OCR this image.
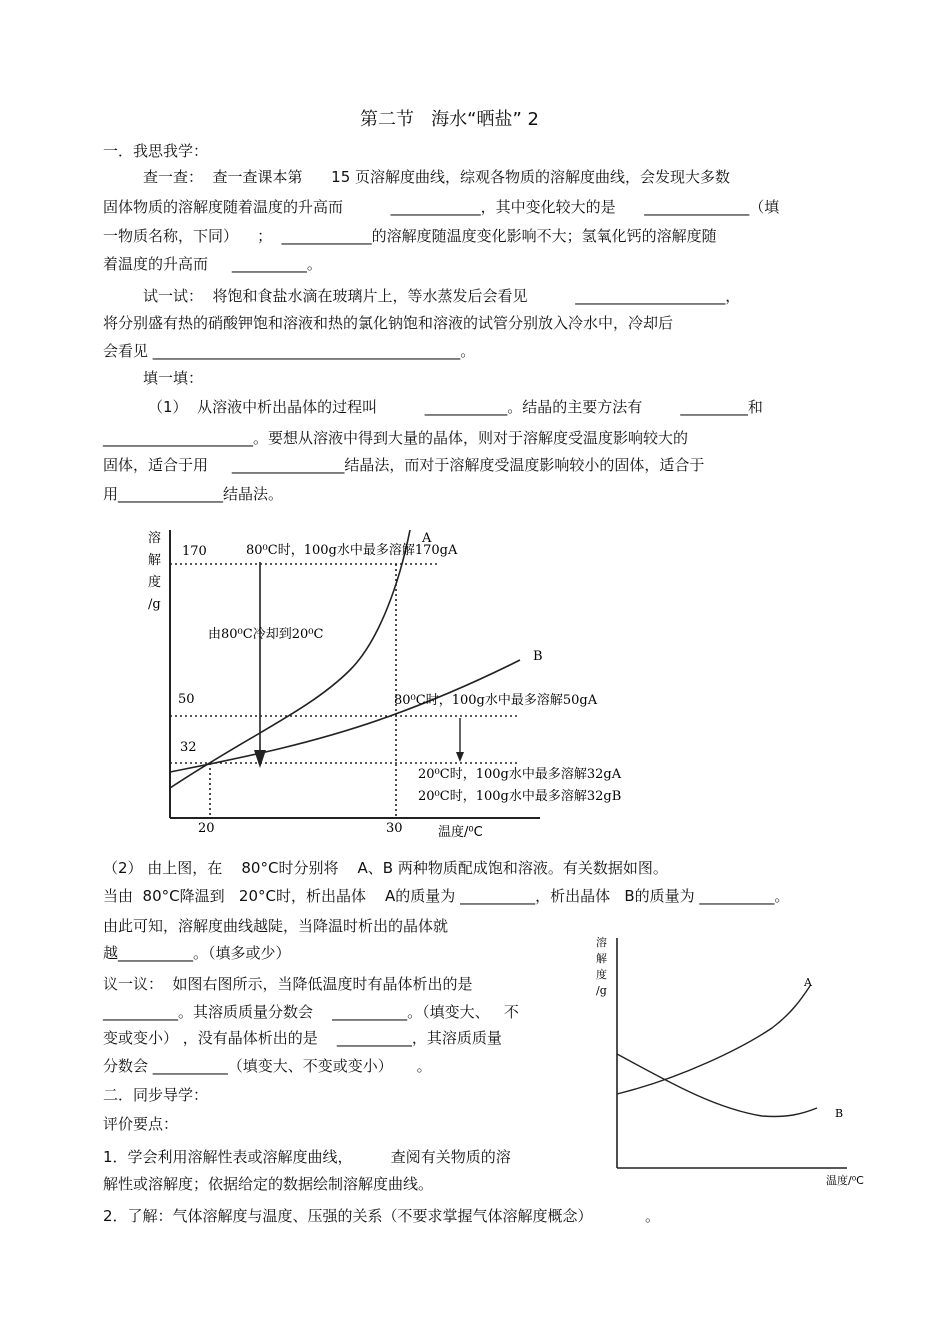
第二节   海水“晒盐” 2
一．我思我学：
查一查：  查一查课本第      15 页溶解度曲线，综观各物质的溶解度曲线，会发现大多数
固体物质的溶解度随着温度的升高而          ____________，其中变化较大的是      ______________（填
一物质名称，下同）    ；  ____________的溶解度随温度变化影响不大；氢氧化钙的溶解度随
着温度的升高而     __________。
试一试：  将饱和食盐水滴在玻璃片上，等水蒸发后会看见          ____________________，
将分别盛有热的硝酸钾饱和溶液和热的氯化钠饱和溶液的试管分别放入冷水中，冷却后
会看见 _________________________________________。
填一填：
（1）  从溶液中析出晶体的过程叫          ___________。结晶的主要方法有        _________和
____________________。要想从溶液中得到大量的晶体，则对于溶解度受温度影响较大的
固体，适合于用     _______________结晶法，而对于溶解度受温度影响较小的固体，适合于
用______________结晶法。
（2） 由上图，在    80°C时分别将    A、B 两种物质配成饱和溶液。有关数据如图。
当由  80°C降温到   20°C时，析出晶体    A的质量为 __________，析出晶体   B的质量为 __________。
由此可知，溶解度曲线越陡，当降温时析出的晶体就
越__________。（填多或少）
议一议：  如图右图所示，当降低温度时有晶体析出的是
__________。其溶质质量分数会    __________。（填变大、   不
变或变小） ，没有晶体析出的是    __________，其溶质质量
分数会 __________（填变大、不变或变小）     。
二．同步导学：
评价要点：
1．学会利用溶解性表或溶解度曲线，        查阅有关物质的溶
解性或溶解度；依据给定的数据绘制溶解度曲线。
2．了解：气体溶解度与温度、压强的关系（不要求掌握气体溶解度概念）           。
溶
解
度
/g
170
50
32
20	30	温度/⁰C
A
B
80⁰C时，100g水中最多溶解170gA
由80⁰C冷却到20⁰C
80⁰C时，100g水中最多溶解50gA
20⁰C时，100g水中最多溶解32gA
20⁰C时，100g水中最多溶解32gB
溶
解
度
/g
A
B
温度/⁰C
